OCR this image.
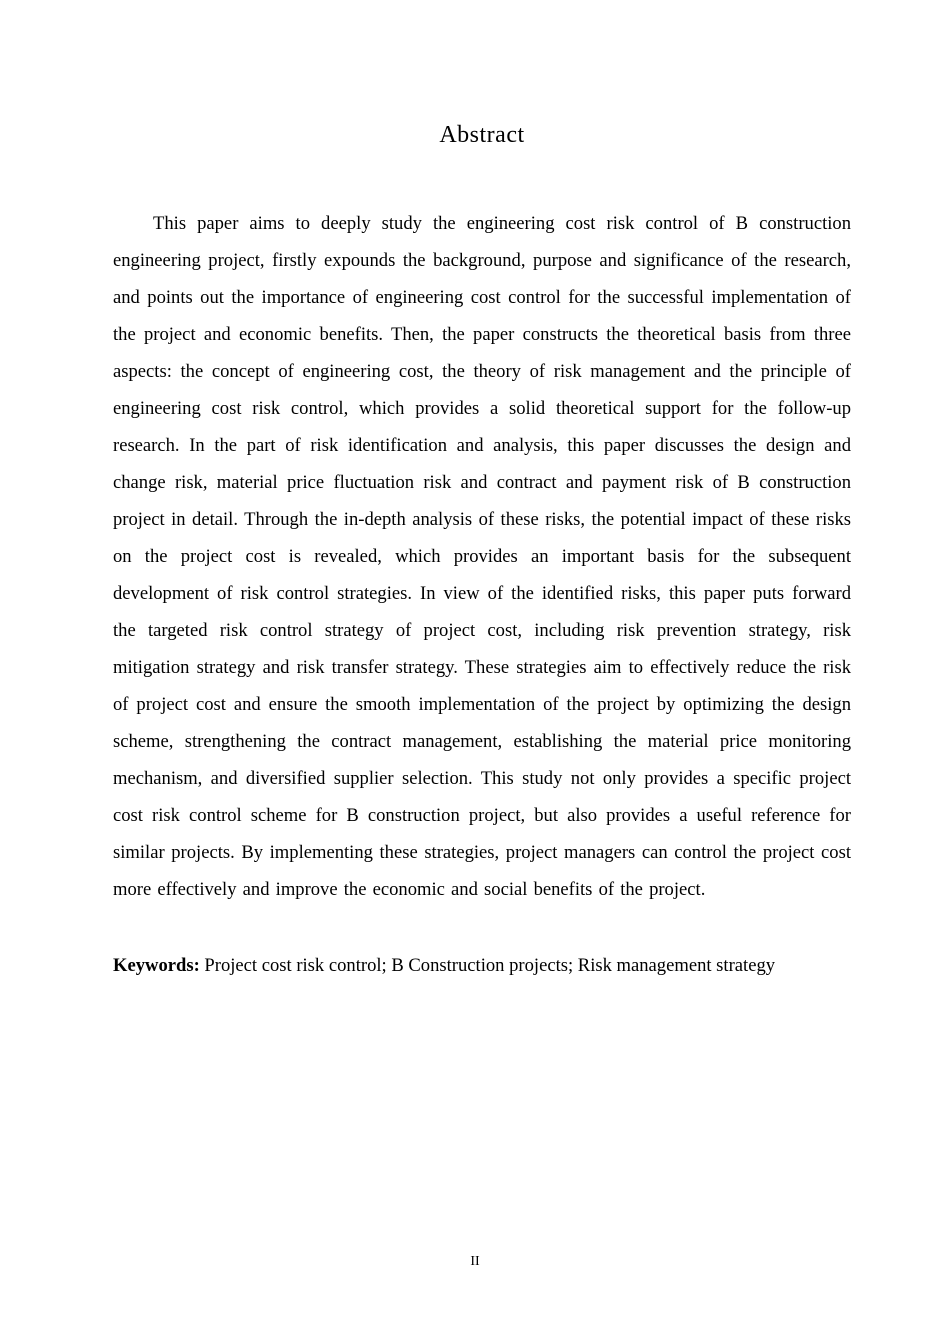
Abstract

This paper aims to deeply study the engineering cost risk control of B construction engineering project, firstly expounds the background, purpose and significance of the research, and points out the importance of engineering cost control for the successful implementation of the project and economic benefits. Then, the paper constructs the theoretical basis from three aspects: the concept of engineering cost, the theory of risk management and the principle of engineering cost risk control, which provides a solid theoretical support for the follow-up research. In the part of risk identification and analysis, this paper discusses the design and change risk, material price fluctuation risk and contract and payment risk of B construction project in detail. Through the in-depth analysis of these risks, the potential impact of these risks on the project cost is revealed, which provides an important basis for the subsequent development of risk control strategies. In view of the identified risks, this paper puts forward the targeted risk control strategy of project cost, including risk prevention strategy, risk mitigation strategy and risk transfer strategy. These strategies aim to effectively reduce the risk of project cost and ensure the smooth implementation of the project by optimizing the design scheme, strengthening the contract management, establishing the material price monitoring mechanism, and diversified supplier selection. This study not only provides a specific project cost risk control scheme for B construction project, but also provides a useful reference for similar projects. By implementing these strategies, project managers can control the project cost more effectively and improve the economic and social benefits of the project.

Keywords: Project cost risk control; B Construction projects; Risk management strategy

II
